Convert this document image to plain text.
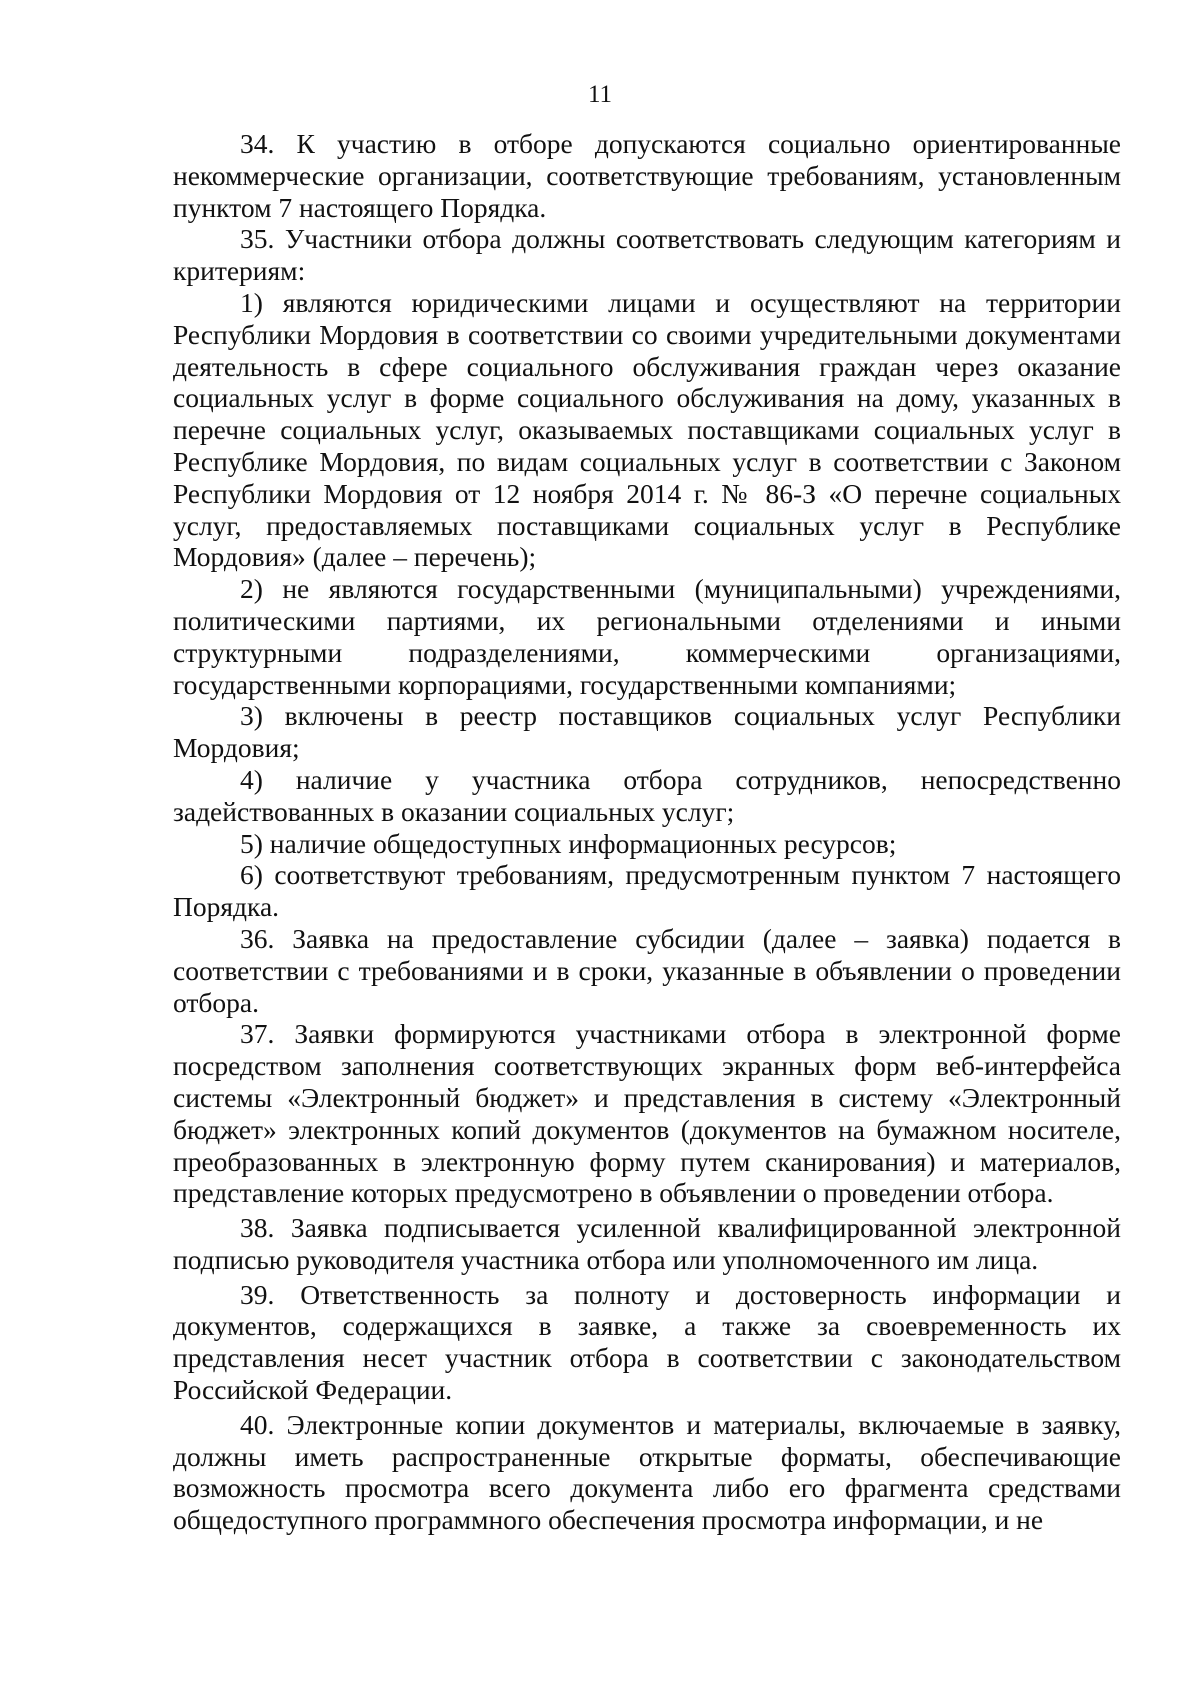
11

34. К участию в отборе допускаются социально ориентированные некоммерческие организации, соответствующие требованиям, установленным пунктом 7 настоящего Порядка.

35. Участники отбора должны соответствовать следующим категориям и критериям:

1) являются юридическими лицами и осуществляют на территории Республики Мордовия в соответствии со своими учредительными документами деятельность в сфере социального обслуживания граждан через оказание социальных услуг в форме социального обслуживания на дому, указанных в перечне социальных услуг, оказываемых поставщиками социальных услуг в Республике Мордовия, по видам социальных услуг в соответствии с Законом Республики Мордовия от 12 ноября 2014 г. № 86-З «О перечне социальных услуг, предоставляемых поставщиками социальных услуг в Республике Мордовия» (далее – перечень);

2) не являются государственными (муниципальными) учреждениями, политическими партиями, их региональными отделениями и иными структурными подразделениями, коммерческими организациями, государственными корпорациями, государственными компаниями;

3) включены в реестр поставщиков социальных услуг Республики Мордовия;

4) наличие у участника отбора сотрудников, непосредственно задействованных в оказании социальных услуг;

5) наличие общедоступных информационных ресурсов;

6) соответствуют требованиям, предусмотренным пунктом 7 настоящего Порядка.

36. Заявка на предоставление субсидии (далее – заявка) подается в соответствии с требованиями и в сроки, указанные в объявлении о проведении отбора.

37. Заявки формируются участниками отбора в электронной форме посредством заполнения соответствующих экранных форм веб-интерфейса системы «Электронный бюджет» и представления в систему «Электронный бюджет» электронных копий документов (документов на бумажном носителе, преобразованных в электронную форму путем сканирования) и материалов, представление которых предусмотрено в объявлении о проведении отбора.

38. Заявка подписывается усиленной квалифицированной электронной подписью руководителя участника отбора или уполномоченного им лица.

39. Ответственность за полноту и достоверность информации и документов, содержащихся в заявке, а также за своевременность их представления несет участник отбора в соответствии с законодательством Российской Федерации.

40. Электронные копии документов и материалы, включаемые в заявку, должны иметь распространенные открытые форматы, обеспечивающие возможность просмотра всего документа либо его фрагмента средствами общедоступного программного обеспечения просмотра информации, и не
